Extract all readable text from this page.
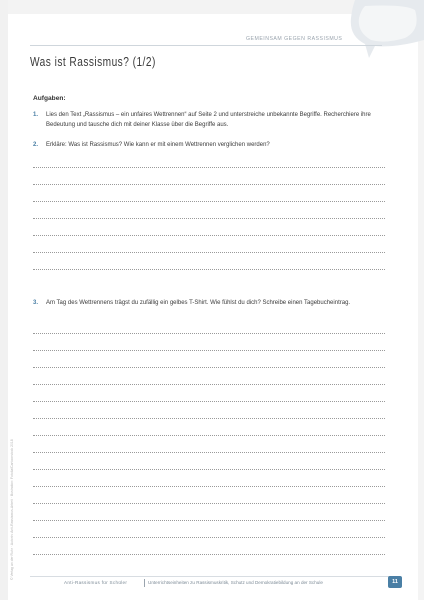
GEMEINSAM GEGEN RASSISMUS
Was ist Rassismus? (1/2)
Aufgaben:
1. Lies den Text „Rassismus – ein unfaires Wettrennen“ auf Seite 2 und unterstreiche unbekannte Begriffe. Recherchiere ihre Bedeutung und tausche dich mit deiner Klasse über die Begriffe aus.
2. Erkläre: Was ist Rassismus? Wie kann er mit einem Wettrennen verglichen werden?
3. Am Tag des Wettrennens trägst du zufällig ein gelbes T-Shirt. Wie fühlst du dich? Schreibe einen Tagebucheintrag.
© Verlag an der Ruhr · Autorin: Anti-Rassismus-Arbeit · Illustration: Fotolia/Cartoonstock 2018
Anti-Rassismus für Schüler	Unterrichtseinheiten zu Rassismuskritik, Schutz und Demokratiebildung an der Schule	11
